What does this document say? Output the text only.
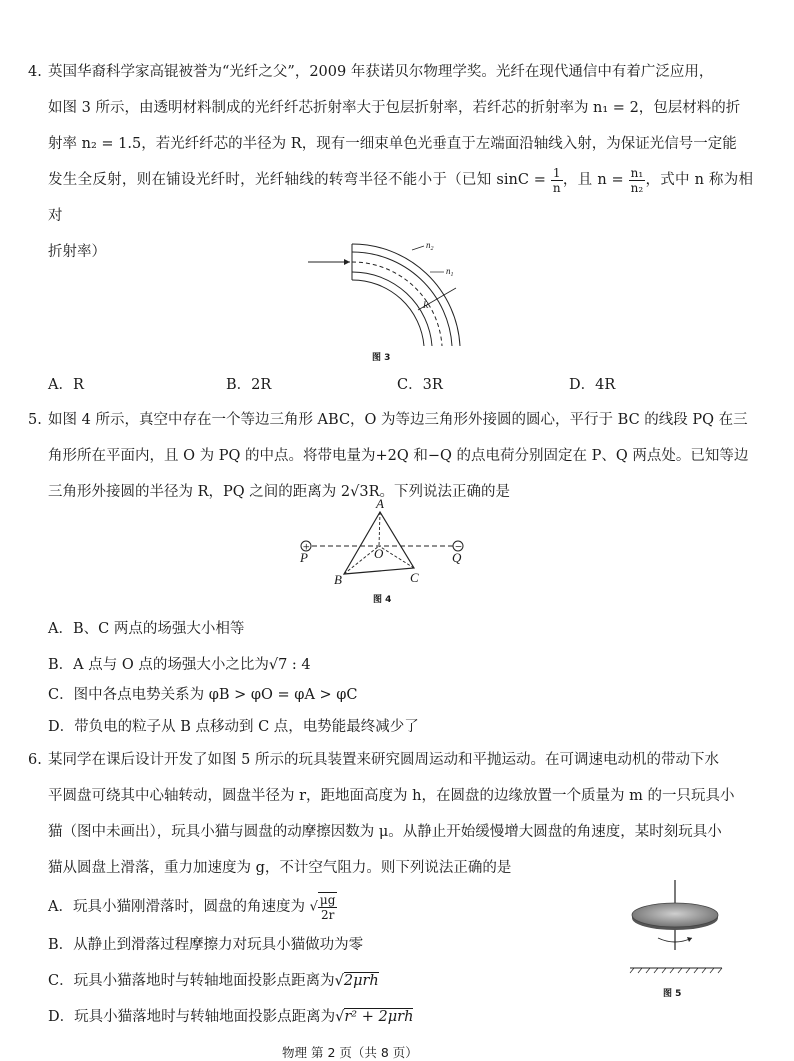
4. 英国华裔科学家高锟被誉为“光纤之父”，2009 年获诺贝尔物理学奖。光纤在现代通信中有着广泛应用，

如图 3 所示，由透明材料制成的光纤纤芯折射率大于包层折射率，若纤芯的折射率为 n₁ = 2，包层材料的折

射率 n₂ = 1.5，若光纤纤芯的半径为 R，现有一细束单色光垂直于左端面沿轴线入射，为保证光信号一定能

发生全反射，则在铺设光纤时，光纤轴线的转弯半径不能小于（已知 $\sin C = \frac{1}{n}$ ，且 $n = \frac{\text{n₁}}{\text{n₂}}$ ，式中 n 称为相对

折射率）	$n_2$
$n_1$
R
图 3
A．R	B．2R	C．3R	D．4R

5. 如图 4 所示，真空中存在一个等边三角形 ABC，O 为等边三角形外接圆的圆心，平行于 BC 的线段 PQ 在三

角形所在平面内，且 O 为 PQ 的中点。将带电量为+2Q 和−Q 的点电荷分别固定在 P、Q 两点处。已知等边

三角形外接圆的半径为 R，PQ 之间的距离为 2√3R。下列说法正确的是

+	−
A
B	C
O
P	Q
图 4
A．B、C 两点的场强大小相等
B．A 点与 O 点的场强大小之比为√7 : 4
C．图中各点电势关系为 φB > φO = φA > φC
D．带负电的粒子从 B 点移动到 C 点，电势能最终减少了

6. 某同学在课后设计开发了如图 5 所示的玩具装置来研究圆周运动和平抛运动。在可调速电动机的带动下水

平圆盘可绕其中心轴转动，圆盘半径为 r，距地面高度为 h，在圆盘的边缘放置一个质量为 m 的一只玩具小

猫（图中未画出），玩具小猫与圆盘的动摩擦因数为 μ。从静止开始缓慢增大圆盘的角速度，某时刻玩具小

猫从圆盘上滑落，重力加速度为 g，不计空气阻力。则下列说法正确的是

A．玩具小猫刚滑落时，圆盘的角速度为 √ $\frac{\mu g}{2r}$
B．从静止到滑落过程摩擦力对玩具小猫做功为零
C．玩具小猫落地时与转轴地面投影点距离为√2μrh
D．玩具小猫落地时与转轴地面投影点距离为√r² + 2μrh
图 5
物理 第 2 页（共 8 页）
